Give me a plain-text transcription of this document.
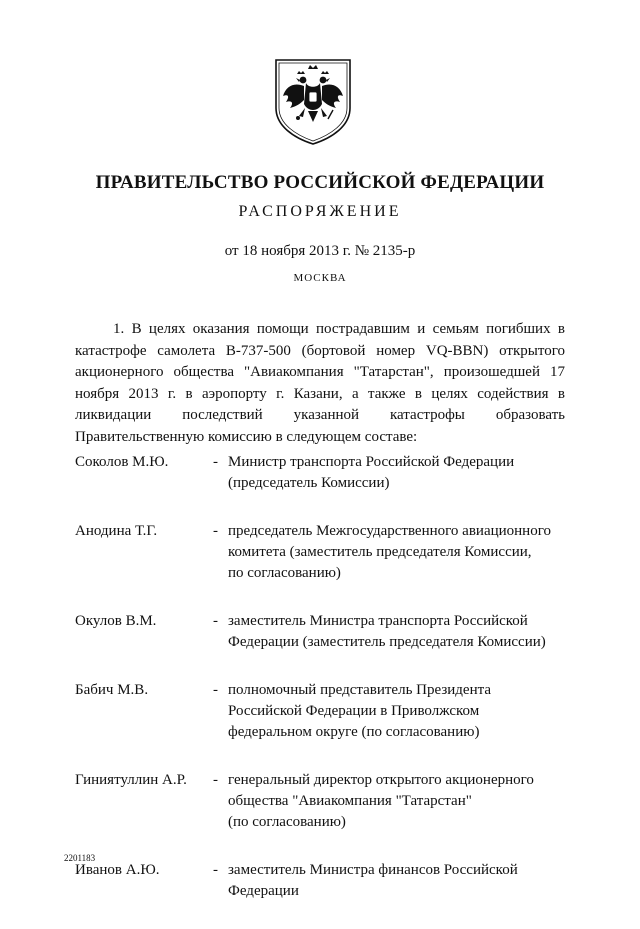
ПРАВИТЕЛЬСТВО РОССИЙСКОЙ ФЕДЕРАЦИИ
РАСПОРЯЖЕНИЕ
от 18 ноября 2013 г. № 2135-р
МОСКВА
1. В целях оказания помощи пострадавшим и семьям погибших в катастрофе самолета B-737-500 (бортовой номер VQ-BBN) открытого акционерного общества "Авиакомпания "Татарстан", произошедшей 17 ноября 2013 г. в аэропорту г. Казани, а также в целях содействия в ликвидации последствий указанной катастрофы образовать Правительственную комиссию в следующем составе:
Соколов М.Ю.	- Министр транспорта Российской Федерации
(председатель Комиссии)
Анодина Т.Г.	- председатель Межгосударственного авиационного
комитета (заместитель председателя Комиссии,
по согласованию)
Окулов В.М.	- заместитель Министра транспорта Российской
Федерации (заместитель председателя Комиссии)
Бабич М.В.	- полномочный представитель Президента
Российской Федерации в Приволжском
федеральном округе (по согласованию)
Гиниятуллин А.Р.	- генеральный директор открытого акционерного
общества "Авиакомпания "Татарстан"
(по согласованию)
Иванов А.Ю.	- заместитель Министра финансов Российской
Федерации
2201183
